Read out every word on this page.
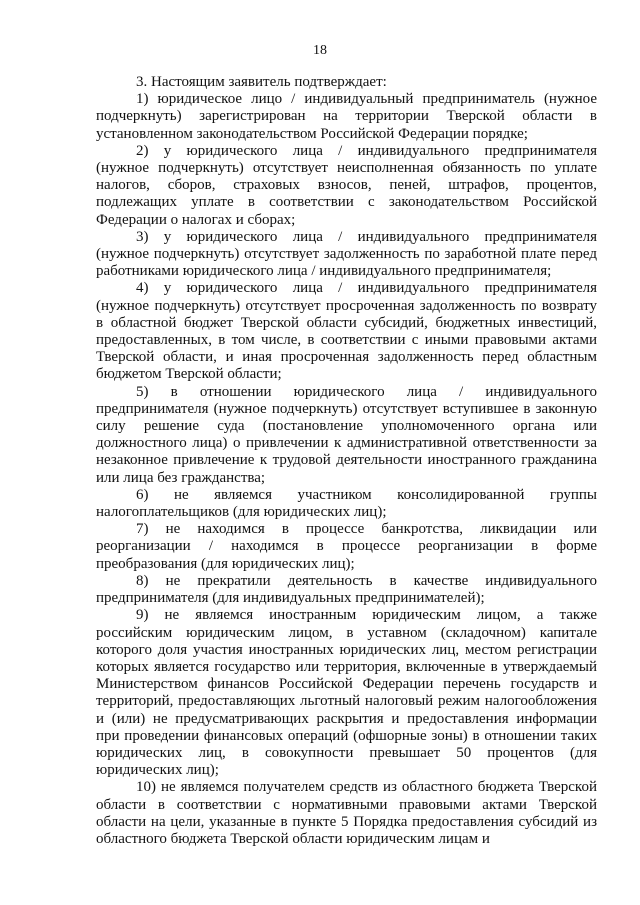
18

3. Настоящим заявитель подтверждает:

1) юридическое лицо / индивидуальный предприниматель (нужное
подчеркнуть) зарегистрирован на территории Тверской области в
установленном законодательством Российской Федерации порядке;
2) у юридического лица / индивидуального предпринимателя
(нужное подчеркнуть) отсутствует неисполненная обязанность по уплате
налогов, сборов, страховых взносов, пеней, штрафов, процентов,
подлежащих уплате в соответствии с законодательством Российской
Федерации о налогах и сборах;
3) у юридического лица / индивидуального предпринимателя
(нужное подчеркнуть) отсутствует задолженность по заработной плате перед
работниками юридического лица / индивидуального предпринимателя;
4) у юридического лица / индивидуального предпринимателя
(нужное подчеркнуть) отсутствует просроченная задолженность по возврату
в областной бюджет Тверской области субсидий, бюджетных инвестиций,
предоставленных, в том числе, в соответствии с иными правовыми актами
Тверской области, и иная просроченная задолженность перед областным
бюджетом Тверской области;
5) в отношении юридического лица / индивидуального
предпринимателя (нужное подчеркнуть) отсутствует вступившее в законную
силу решение суда (постановление уполномоченного органа или
должностного лица) о привлечении к административной ответственности за
незаконное привлечение к трудовой деятельности иностранного гражданина
или лица без гражданства;
6) не являемся участником консолидированной группы
налогоплательщиков (для юридических лиц);
7) не находимся в процессе банкротства, ликвидации или
реорганизации / находимся в процессе реорганизации в форме
преобразования (для юридических лиц);
8) не прекратили деятельность в качестве индивидуального
предпринимателя (для индивидуальных предпринимателей);
9) не являемся иностранным юридическим лицом, а также
российским юридическим лицом, в уставном (складочном) капитале
которого доля участия иностранных юридических лиц, местом регистрации
которых является государство или территория, включенные в утверждаемый
Министерством финансов Российской Федерации перечень государств и
территорий, предоставляющих льготный налоговый режим налогообложения
и (или) не предусматривающих раскрытия и предоставления информации
при проведении финансовых операций (офшорные зоны) в отношении таких
юридических лиц, в совокупности превышает 50 процентов (для
юридических лиц);
10) не являемся получателем средств из областного бюджета Тверской
области в соответствии с нормативными правовыми актами Тверской
области на цели, указанные в пункте 5 Порядка предоставления субсидий из
областного бюджета Тверской области юридическим лицам и
